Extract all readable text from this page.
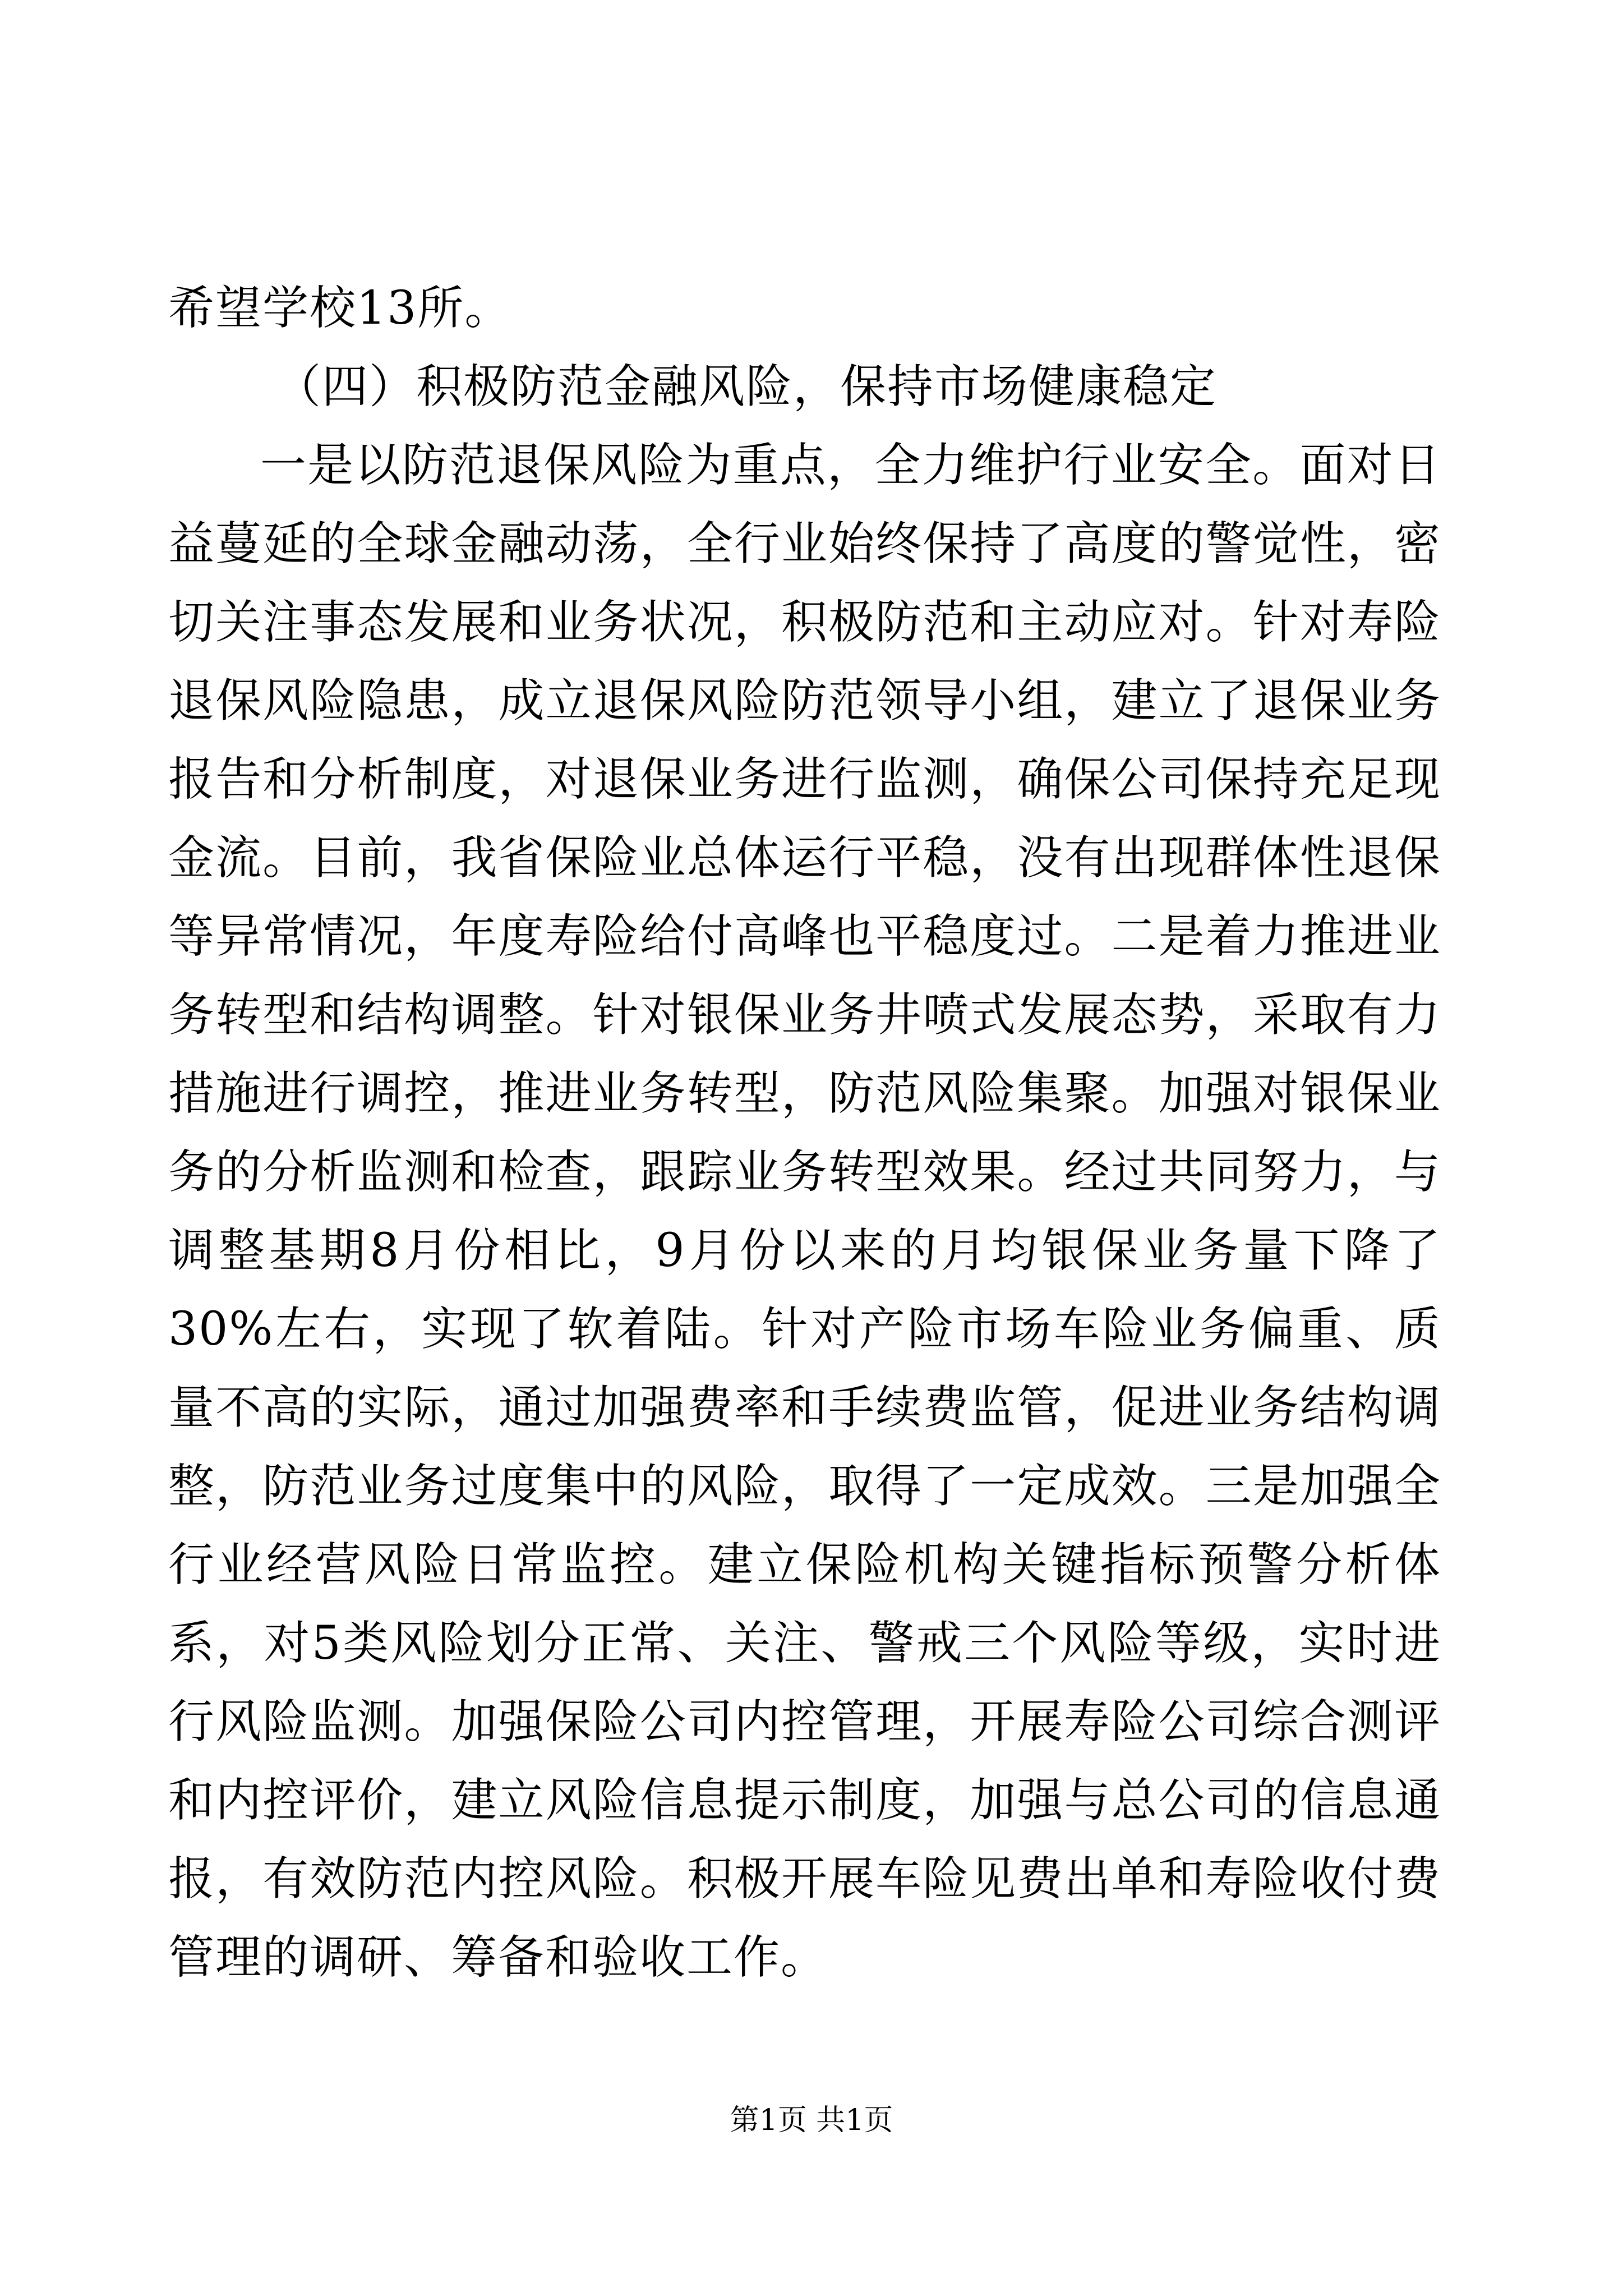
希望学校13所。

（四）积极防范金融风险，保持市场健康稳定

一是以防范退保风险为重点，全力维护行业安全。面对日益蔓延的全球金融动荡，全行业始终保持了高度的警觉性，密切关注事态发展和业务状况，积极防范和主动应对。针对寿险退保风险隐患，成立退保风险防范领导小组，建立了退保业务报告和分析制度，对退保业务进行监测，确保公司保持充足现金流。目前，我省保险业总体运行平稳，没有出现群体性退保等异常情况，年度寿险给付高峰也平稳度过。二是着力推进业务转型和结构调整。针对银保业务井喷式发展态势，采取有力措施进行调控，推进业务转型，防范风险集聚。加强对银保业务的分析监测和检查，跟踪业务转型效果。经过共同努力，与调整基期8月份相比，9月份以来的月均银保业务量下降了30%左右，实现了软着陆。针对产险市场车险业务偏重、质量不高的实际，通过加强费率和手续费监管，促进业务结构调整，防范业务过度集中的风险，取得了一定成效。三是加强全行业经营风险日常监控。建立保险机构关键指标预警分析体系，对5类风险划分正常、关注、警戒三个风险等级，实时进行风险监测。加强保险公司内控管理，开展寿险公司综合测评和内控评价，建立风险信息提示制度，加强与总公司的信息通报，有效防范内控风险。积极开展车险见费出单和寿险收付费管理的调研、筹备和验收工作。

第1页 共1页
